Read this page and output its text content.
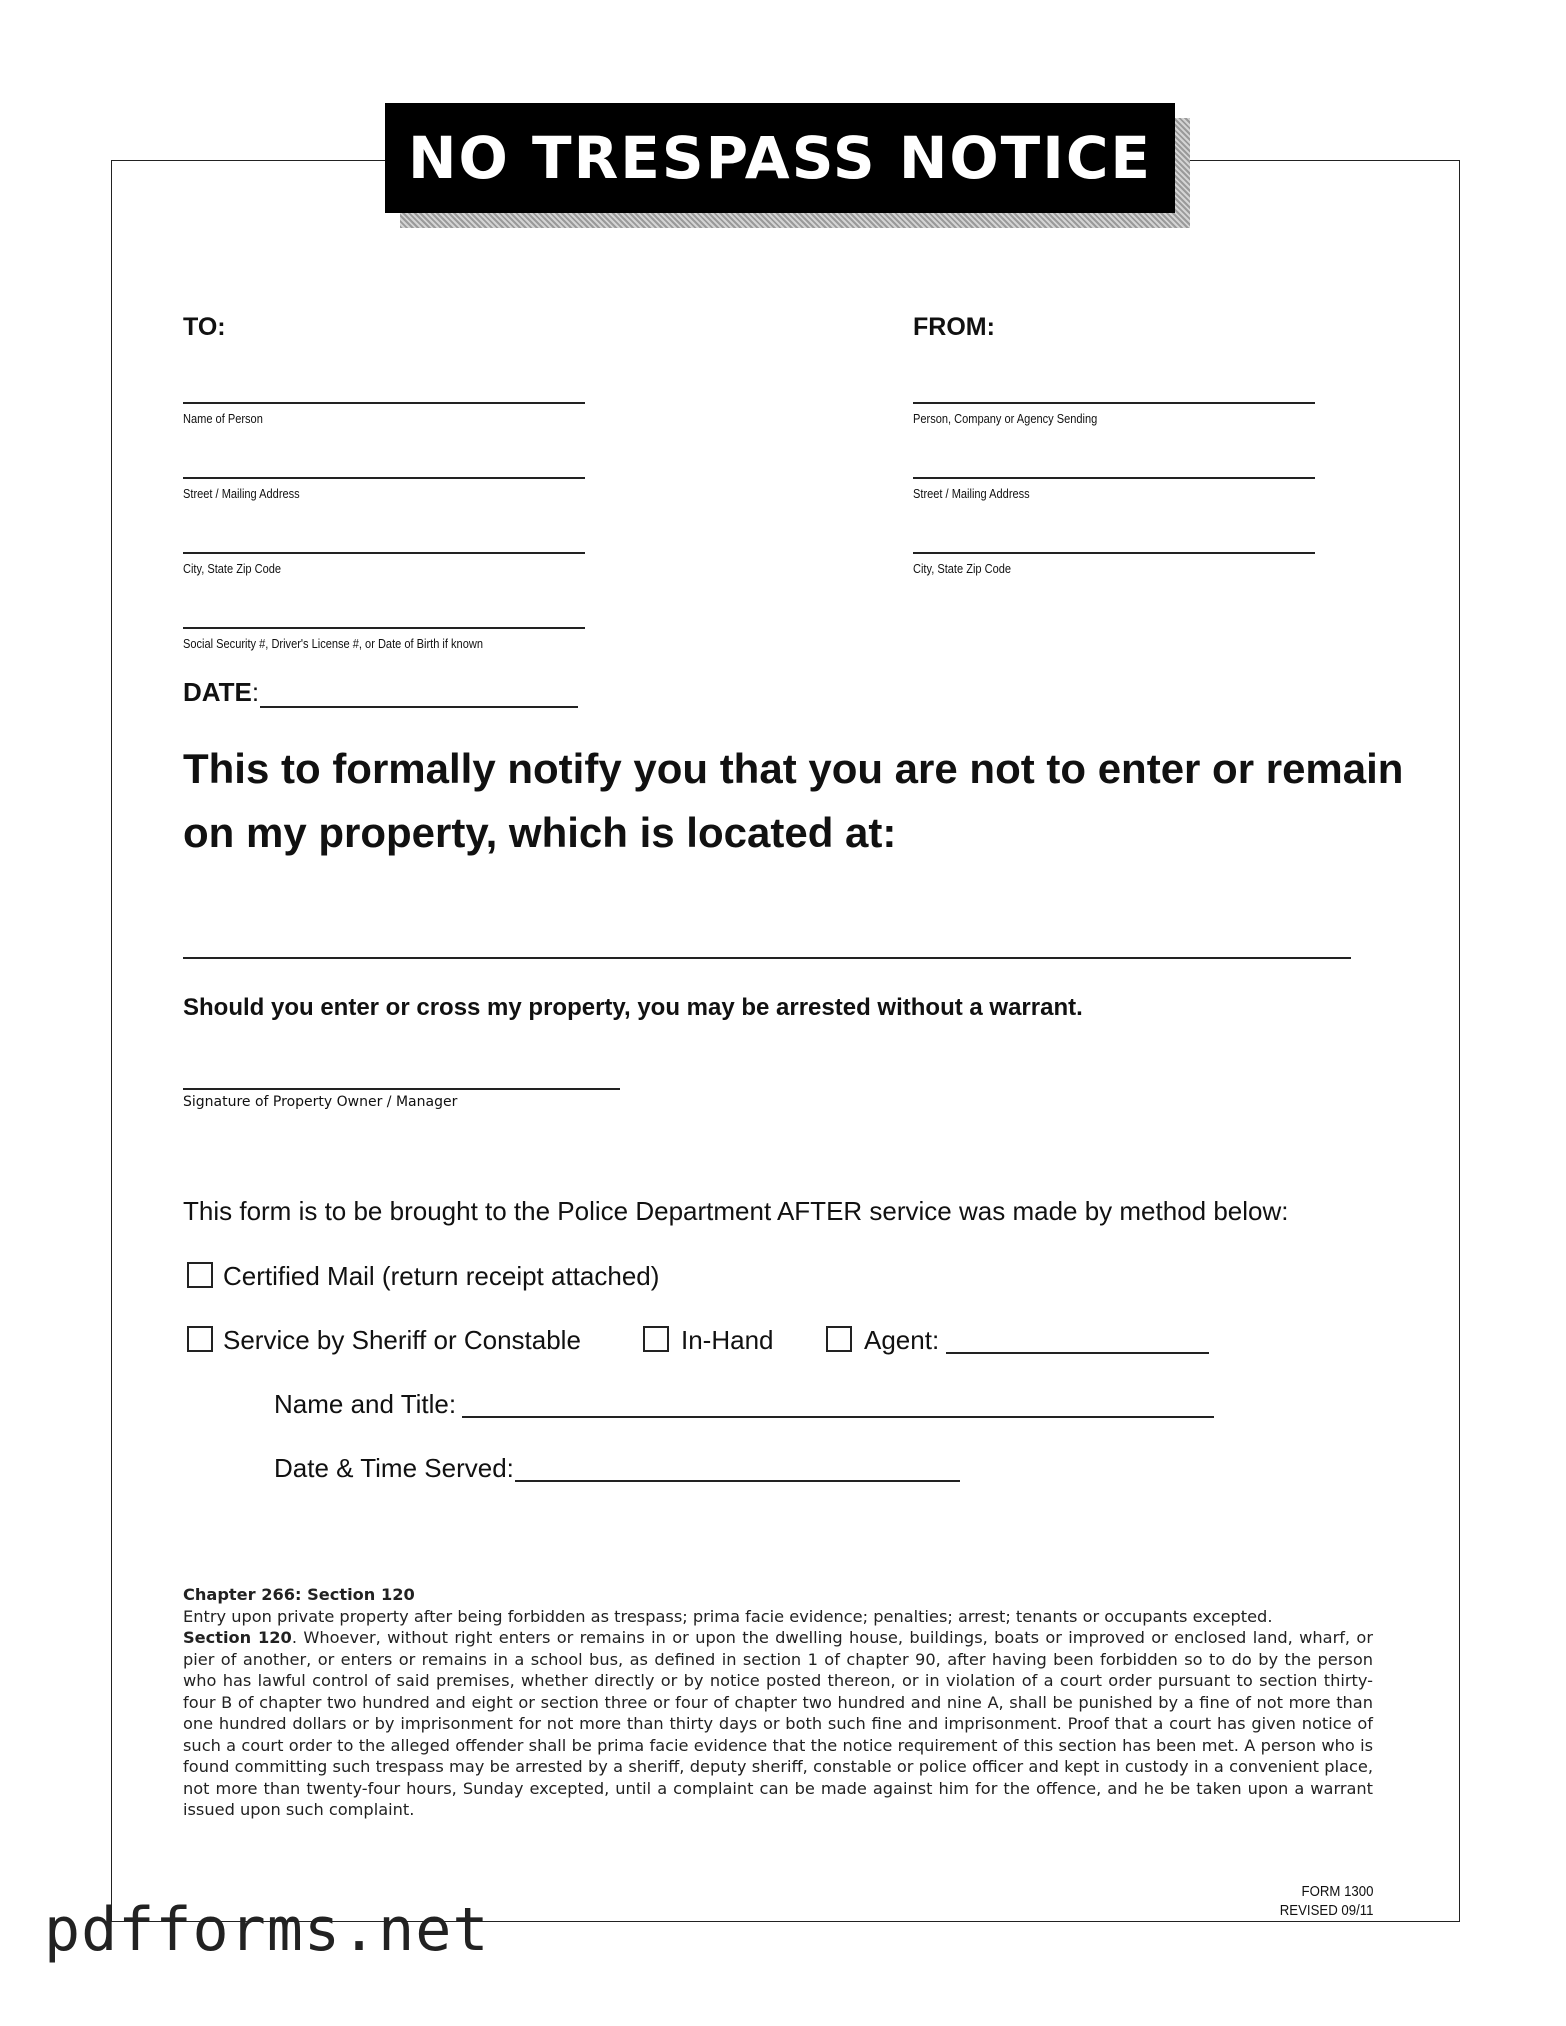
NO TRESPASS NOTICE
TO:
Name of Person
Street / Mailing Address
City, State Zip Code
Social Security #, Driver's License #, or Date of Birth if known
FROM:
Person, Company or Agency Sending
Street / Mailing Address
City, State Zip Code
DATE:
This to formally notify you that you are not to enter or remain on my property, which is located at:
Should you enter or cross my property, you may be arrested without a warrant.
Signature of Property Owner / Manager
This form is to be brought to the Police Department AFTER service was made by method below:
Certified Mail (return receipt attached)
Service by Sheriff or Constable	In-Hand	Agent:
Name and Title:
Date & Time Served:
Chapter 266: Section 120
Entry upon private property after being forbidden as trespass; prima facie evidence; penalties; arrest; tenants or occupants excepted.
Section 120. Whoever, without right enters or remains in or upon the dwelling house, buildings, boats or improved or enclosed land, wharf, or pier of another, or enters or remains in a school bus, as defined in section 1 of chapter 90, after having been forbidden so to do by the person who has lawful control of said premises, whether directly or by notice posted thereon, or in violation of a court order pursuant to section thirty-four B of chapter two hundred and eight or section three or four of chapter two hundred and nine A, shall be punished by a fine of not more than one hundred dollars or by imprisonment for not more than thirty days or both such fine and imprisonment. Proof that a court has given notice of such a court order to the alleged offender shall be prima facie evidence that the notice requirement of this section has been met. A person who is found committing such trespass may be arrested by a sheriff, deputy sheriff, constable or police officer and kept in custody in a convenient place, not more than twenty-four hours, Sunday excepted, until a complaint can be made against him for the offence, and he be taken upon a warrant issued upon such complaint.
FORM 1300
REVISED 09/11
pdfforms.net
